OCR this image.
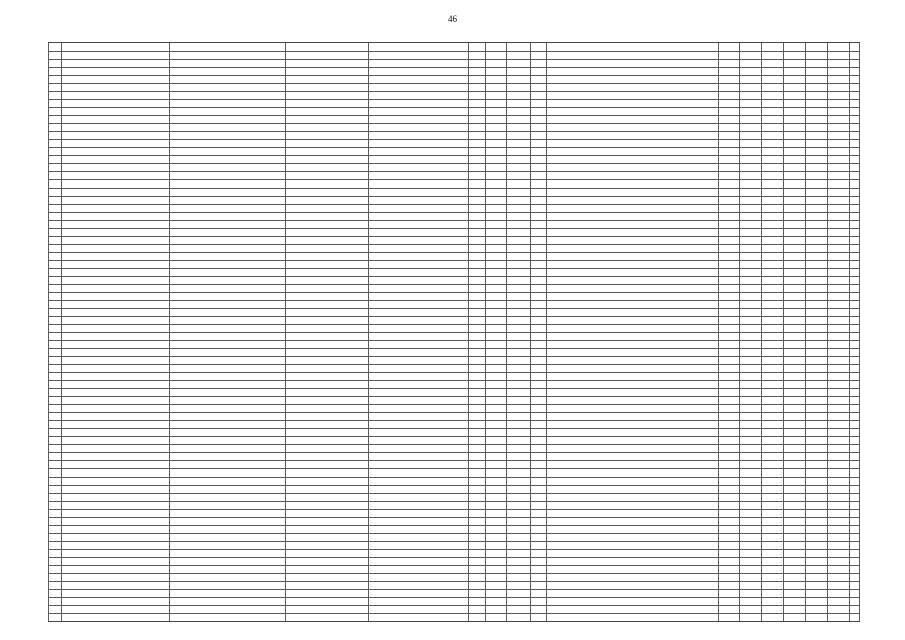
46
